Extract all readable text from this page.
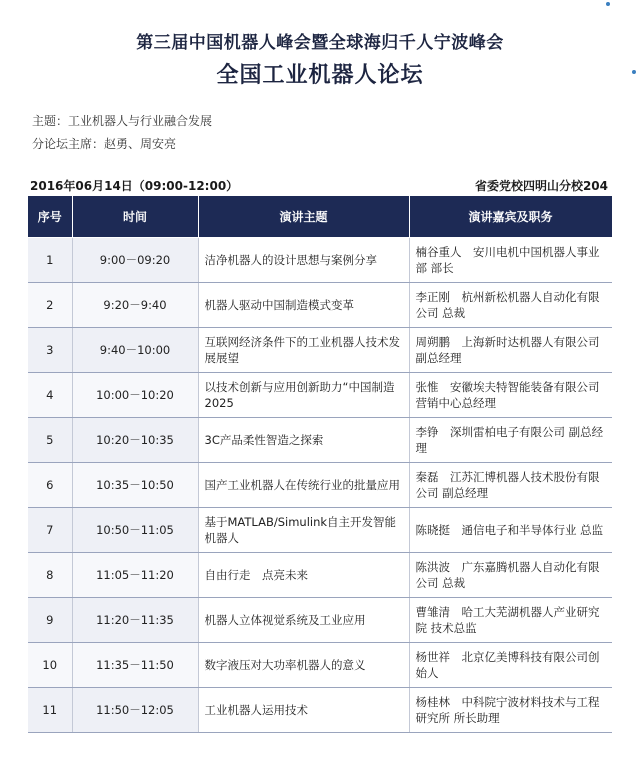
第三届中国机器人峰会暨全球海归千人宁波峰会
全国工业机器人论坛
主题：工业机器人与行业融合发展
分论坛主席：赵勇、周安亮
2016年06月14日（09:00-12:00）	省委党校四明山分校204
序号	时间	演讲主题	演讲嘉宾及职务
1	9:00－09:20	洁净机器人的设计思想与案例分享	楠谷重人　安川电机中国机器人事业部 部长
2	9:20－9:40	机器人驱动中国制造模式变革	李正刚　杭州新松机器人自动化有限公司 总裁
3	9:40－10:00	互联网经济条件下的工业机器人技术发展展望	周朔鹏　上海新时达机器人有限公司副总经理
4	10:00－10:20	以技术创新与应用创新助力“中国制造2025	张惟　安徽埃夫特智能装备有限公司营销中心总经理
5	10:20－10:35	3C产品柔性智造之探索	李铮　深圳雷柏电子有限公司 副总经理
6	10:35－10:50	国产工业机器人在传统行业的批量应用	秦磊　江苏汇博机器人技术股份有限公司 副总经理
7	10:50－11:05	基于MATLAB/Simulink自主开发智能机器人	陈晓挺　通信电子和半导体行业 总监
8	11:05－11:20	自由行走　点亮未来	陈洪波　广东嘉腾机器人自动化有限公司 总裁
9	11:20－11:35	机器人立体视觉系统及工业应用	曹雏清　哈工大芜湖机器人产业研究院 技术总监
10	11:35－11:50	数字液压对大功率机器人的意义	杨世祥　北京亿美博科技有限公司创始人
11	11:50－12:05	工业机器人运用技术	杨桂林　中科院宁波材料技术与工程研究所 所长助理
